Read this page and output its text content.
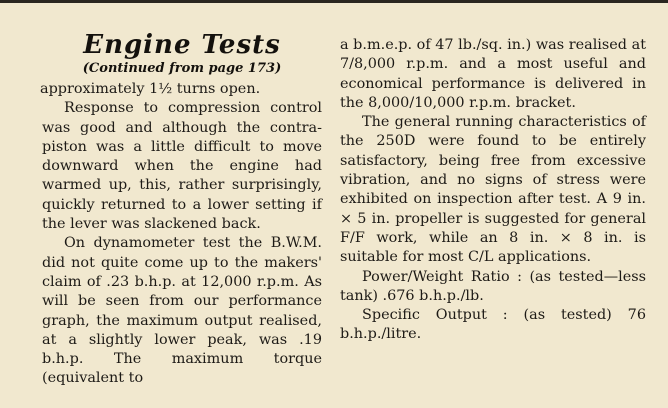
Engine Tests
(Continued from page 173)

approximately 1½ turns open.

Response to compression control was good and although the contra-piston was a little difficult to move downward when the engine had warmed up, this, rather surprisingly, quickly returned to a lower setting if the lever was slackened back.

On dynamometer test the B.W.M. did not quite come up to the makers' claim of .23 b.h.p. at 12,000 r.p.m. As will be seen from our performance graph, the maximum output realised, at a slightly lower peak, was .19 b.h.p. The maximum torque (equivalent to

a b.m.e.p. of 47 lb./sq. in.) was realised at 7/8,000 r.p.m. and a most useful and economical performance is delivered in the 8,000/10,000 r.p.m. bracket.

The general running characteristics of the 250D were found to be entirely satisfactory, being free from excessive vibration, and no signs of stress were exhibited on inspection after test. A 9 in. × 5 in. propeller is suggested for general F/F work, while an 8 in. × 8 in. is suitable for most C/L applications.

Power/Weight Ratio : (as tested—less tank) .676 b.h.p./lb.

Specific Output : (as tested) 76 b.h.p./litre.
